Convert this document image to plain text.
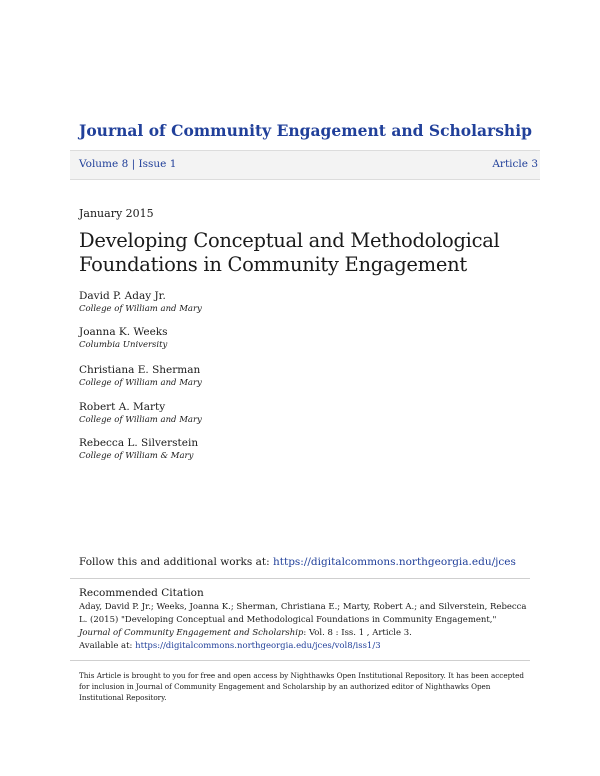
Journal of Community Engagement and Scholarship
Volume 8 | Issue 1	Article 3
January 2015
Developing Conceptual and Methodological Foundations in Community Engagement
David P. Aday Jr.
College of William and Mary
Joanna K. Weeks
Columbia University
Christiana E. Sherman
College of William and Mary
Robert A. Marty
College of William and Mary
Rebecca L. Silverstein
College of William & Mary
Follow this and additional works at: https://digitalcommons.northgeorgia.edu/jces
Recommended Citation
Aday, David P. Jr.; Weeks, Joanna K.; Sherman, Christiana E.; Marty, Robert A.; and Silverstein, Rebecca L. (2015) "Developing Conceptual and Methodological Foundations in Community Engagement," Journal of Community Engagement and Scholarship: Vol. 8 : Iss. 1 , Article 3.
Available at: https://digitalcommons.northgeorgia.edu/jces/vol8/iss1/3
This Article is brought to you for free and open access by Nighthawks Open Institutional Repository. It has been accepted for inclusion in Journal of Community Engagement and Scholarship by an authorized editor of Nighthawks Open Institutional Repository.
